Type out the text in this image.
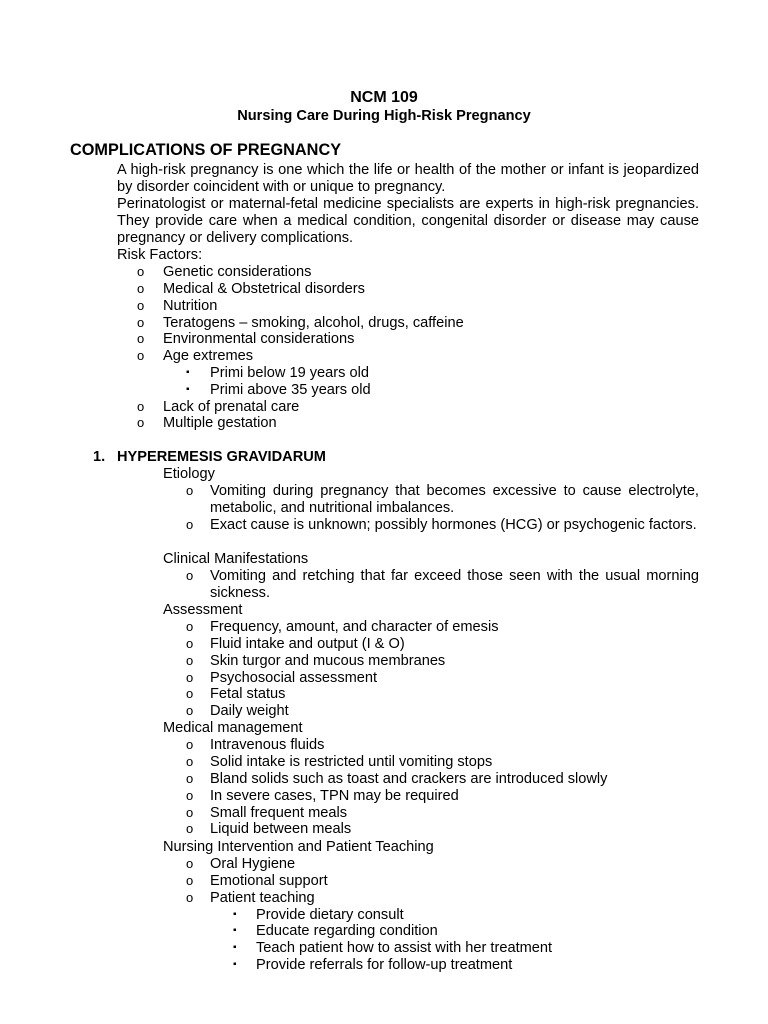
NCM 109
Nursing Care During High-Risk Pregnancy
COMPLICATIONS OF PREGNANCY
A high-risk pregnancy is one which the life or health of the mother or infant is jeopardized by disorder coincident with or unique to pregnancy.
Perinatologist or maternal-fetal medicine specialists are experts in high-risk pregnancies. They provide care when a medical condition, congenital disorder or disease may cause pregnancy or delivery complications.
Risk Factors:
o Genetic considerations
o Medical & Obstetrical disorders
o Nutrition
o Teratogens – smoking, alcohol, drugs, caffeine
o Environmental considerations
o Age extremes
▪ Primi below 19 years old
▪ Primi above 35 years old
o Lack of prenatal care
o Multiple gestation
1. HYPEREMESIS GRAVIDARUM
Etiology
o Vomiting during pregnancy that becomes excessive to cause electrolyte, metabolic, and nutritional imbalances.
o Exact cause is unknown; possibly hormones (HCG) or psychogenic factors.
Clinical Manifestations
o Vomiting and retching that far exceed those seen with the usual morning sickness.
Assessment
o Frequency, amount, and character of emesis
o Fluid intake and output (I & O)
o Skin turgor and mucous membranes
o Psychosocial assessment
o Fetal status
o Daily weight
Medical management
o Intravenous fluids
o Solid intake is restricted until vomiting stops
o Bland solids such as toast and crackers are introduced slowly
o In severe cases, TPN may be required
o Small frequent meals
o Liquid between meals
Nursing Intervention and Patient Teaching
o Oral Hygiene
o Emotional support
o Patient teaching
▪ Provide dietary consult
▪ Educate regarding condition
▪ Teach patient how to assist with her treatment
▪ Provide referrals for follow-up treatment
